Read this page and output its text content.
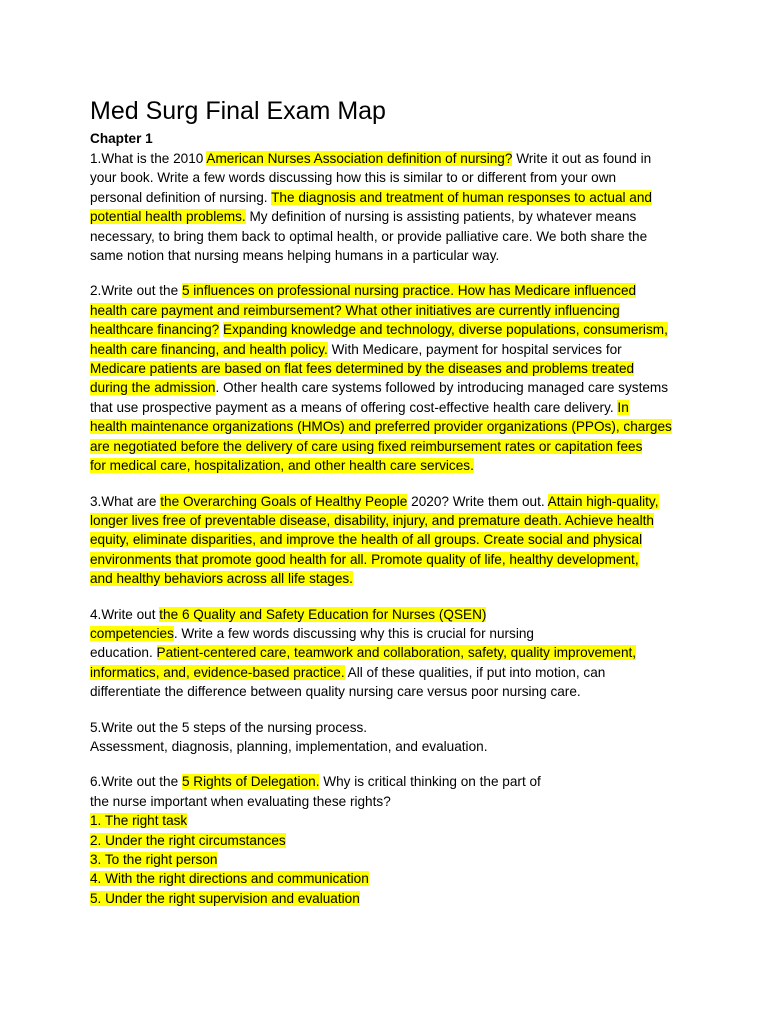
Med Surg Final Exam Map
Chapter 1
1.What is the 2010 American Nurses Association definition of nursing? Write it out as found in
your book. Write a few words discussing how this is similar to or different from your own
personal definition of nursing. The diagnosis and treatment of human responses to actual and
potential health problems. My definition of nursing is assisting patients, by whatever means
necessary, to bring them back to optimal health, or provide palliative care. We both share the
same notion that nursing means helping humans in a particular way.
2.Write out the 5 influences on professional nursing practice. How has Medicare influenced
health care payment and reimbursement? What other initiatives are currently influencing
healthcare financing? Expanding knowledge and technology, diverse populations, consumerism,
health care financing, and health policy. With Medicare, payment for hospital services for
Medicare patients are based on flat fees determined by the diseases and problems treated
during the admission. Other health care systems followed by introducing managed care systems
that use prospective payment as a means of offering cost-effective health care delivery. In
health maintenance organizations (HMOs) and preferred provider organizations (PPOs), charges
are negotiated before the delivery of care using fixed reimbursement rates or capitation fees
for medical care, hospitalization, and other health care services.
3.What are the Overarching Goals of Healthy People 2020? Write them out. Attain high-quality,
longer lives free of preventable disease, disability, injury, and premature death. Achieve health
equity, eliminate disparities, and improve the health of all groups. Create social and physical
environments that promote good health for all. Promote quality of life, healthy development,
and healthy behaviors across all life stages.
4.Write out the 6 Quality and Safety Education for Nurses (QSEN)
competencies. Write a few words discussing why this is crucial for nursing
education. Patient-centered care, teamwork and collaboration, safety, quality improvement,
informatics, and, evidence-based practice. All of these qualities, if put into motion, can
differentiate the difference between quality nursing care versus poor nursing care.
5.Write out the 5 steps of the nursing process.
Assessment, diagnosis, planning, implementation, and evaluation.
6.Write out the 5 Rights of Delegation. Why is critical thinking on the part of
the nurse important when evaluating these rights?
1. The right task
2. Under the right circumstances
3. To the right person
4. With the right directions and communication
5. Under the right supervision and evaluation
